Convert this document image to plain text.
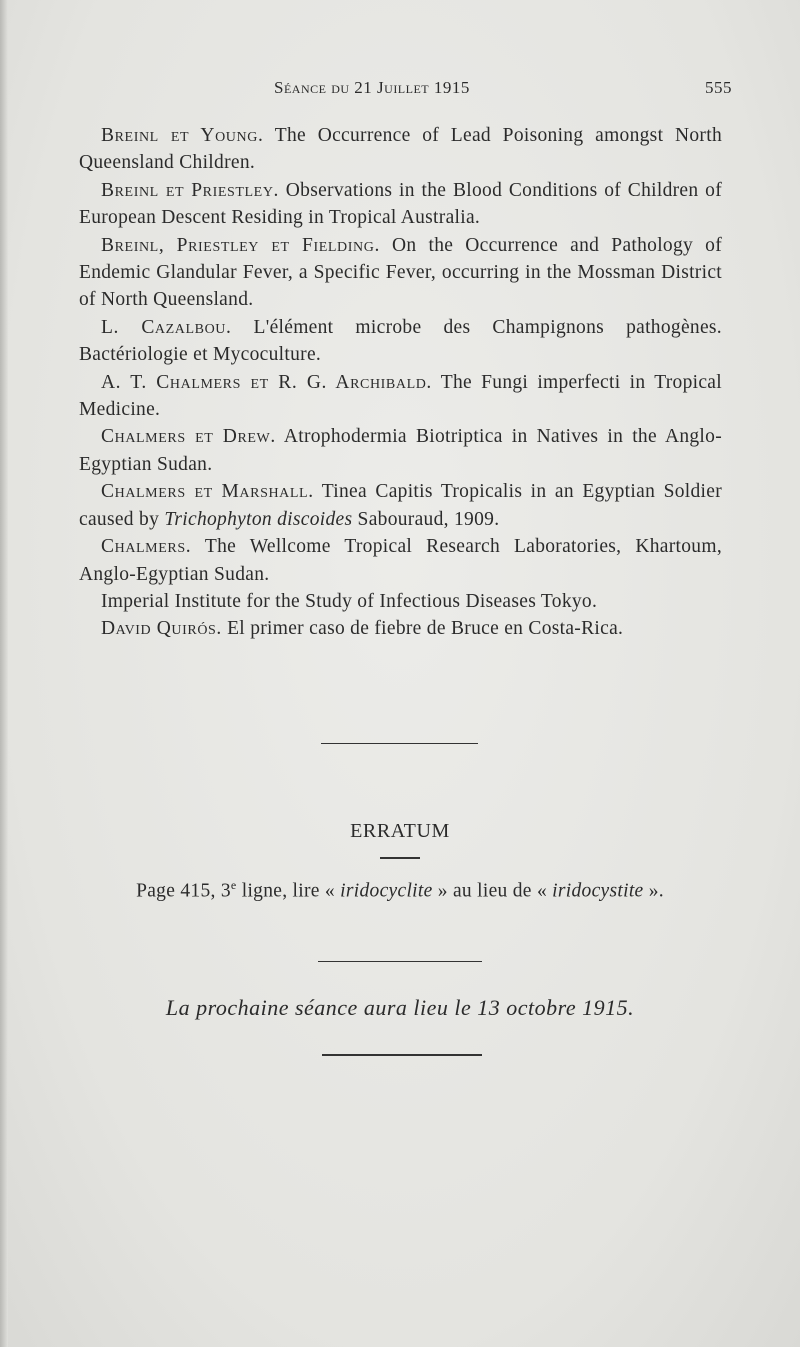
Séance du 21 Juillet 1915	555

Breinl et Young. The Occurrence of Lead Poisoning amongst North Queensland Children.

Breinl et Priestley. Observations in the Blood Conditions of Children of European Descent Residing in Tropical Australia.

Breinl, Priestley et Fielding. On the Occurrence and Pathology of Endemic Glandular Fever, a Specific Fever, occurring in the Mossman District of North Queensland.

L. Cazalbou. L'élément microbe des Champignons pathogènes. Bactériologie et Mycoculture.

A. T. Chalmers et R. G. Archibald. The Fungi imperfecti in Tropical Medicine.

Chalmers et Drew. Atrophodermia Biotriptica in Natives in the Anglo-Egyptian Sudan.

Chalmers et Marshall. Tinea Capitis Tropicalis in an Egyptian Soldier caused by Trichophyton discoides Sabouraud, 1909.

Chalmers. The Wellcome Tropical Research Laboratories, Khartoum, Anglo-Egyptian Sudan.

Imperial Institute for the Study of Infectious Diseases Tokyo.

David Quirós. El primer caso de fiebre de Bruce en Costa-Rica.

ERRATUM
Page 415, 3e ligne, lire « iridocyclite » au lieu de « iridocystite ».
La prochaine séance aura lieu le 13 octobre 1915.
